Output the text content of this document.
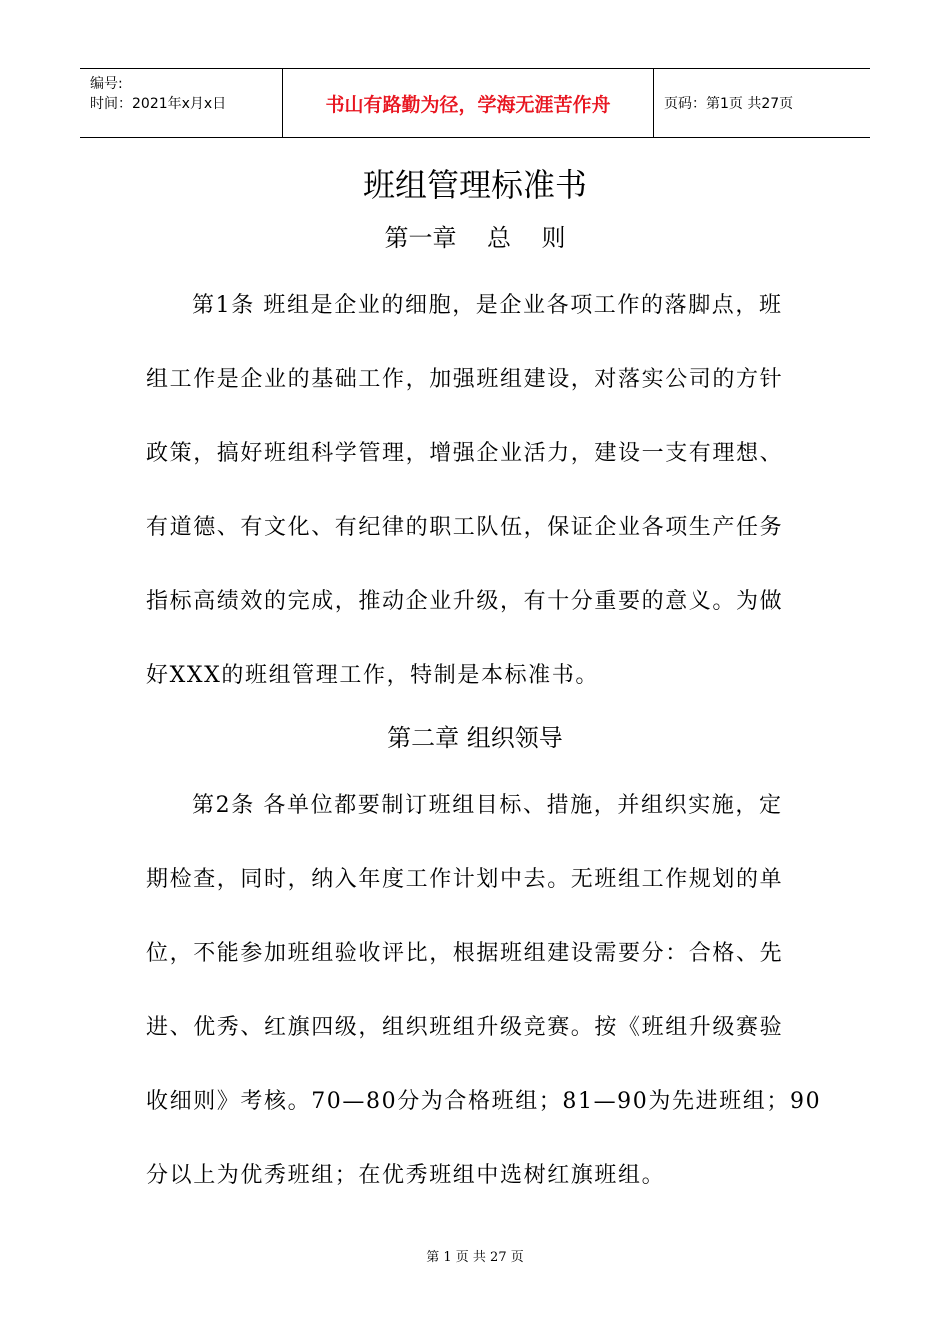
编号:
时间：2021年x月x日	书山有路勤为径，学海无涯苦作舟	页码：第1页 共27页
班组管理标准书
第一章    总    则
第1条 班组是企业的细胞，是企业各项工作的落脚点，班
组工作是企业的基础工作，加强班组建设，对落实公司的方针
政策，搞好班组科学管理，增强企业活力，建设一支有理想、
有道德、有文化、有纪律的职工队伍，保证企业各项生产任务
指标高绩效的完成，推动企业升级，有十分重要的意义。为做
好XXX的班组管理工作，特制是本标准书。
第二章 组织领导
第2条 各单位都要制订班组目标、措施，并组织实施，定
期检查，同时，纳入年度工作计划中去。无班组工作规划的单
位，不能参加班组验收评比，根据班组建设需要分：合格、先
进、优秀、红旗四级，组织班组升级竞赛。按《班组升级赛验
收细则》考核。70—80分为合格班组；81—90为先进班组；90
分以上为优秀班组；在优秀班组中选树红旗班组。
第 1 页 共 27 页
